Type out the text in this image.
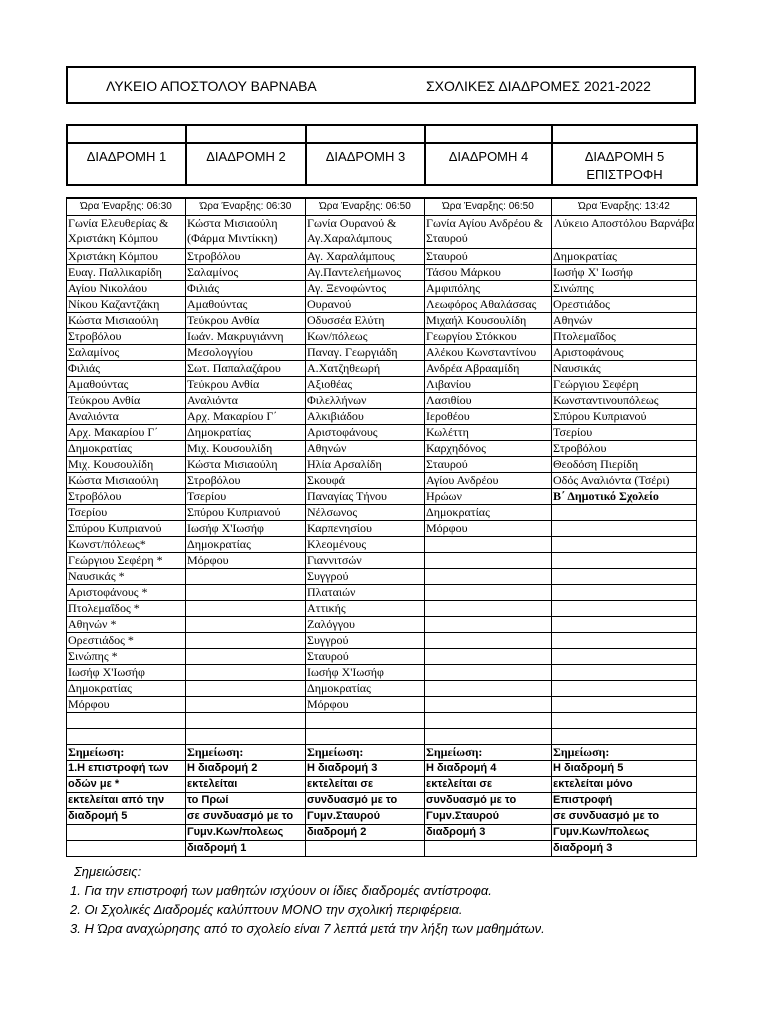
ΛΥΚΕΙΟ ΑΠΟΣΤΟΛΟΥ ΒΑΡΝΑΒΑ	ΣΧΟΛΙΚΕΣ ΔΙΑΔΡΟΜΕΣ 2021-2022

ΔΙΑΔΡΟΜΗ 1	ΔΙΑΔΡΟΜΗ 2	ΔΙΑΔΡΟΜΗ 3	ΔΙΑΔΡΟΜΗ 4	ΔΙΑΔΡΟΜΗ 5
ΕΠΙΣΤΡΟΦΗ
Ώρα Έναρξης: 06:30	Ώρα Έναρξης: 06:30	Ώρα Έναρξης: 06:50	Ώρα Έναρξης: 06:50	Ώρα Έναρξης: 13:42
Γωνία Ελευθερίας & Χριστάκη Κόμπου	Κώστα Μισιαούλη (Φάρμα Μιντίκκη)	Γωνία Ουρανού & Αγ.Χαραλάμπους	Γωνία Αγίου Ανδρέου & Σταυρού	Λύκειο Αποστόλου Βαρνάβα
Χριστάκη Κόμπου	Στροβόλου	Αγ. Χαραλάμπους	Σταυρού	Δημοκρατίας
Ευαγ. Παλλικαρίδη	Σαλαμίνος	Αγ.Παντελεήμωνος	Τάσου Μάρκου	Ιωσήφ Χ' Ιωσήφ
Αγίου Νικολάου	Φιλιάς	Αγ. Ξενοφώντος	Αμφιπόλης	Σινώπης
Νίκου Καζαντζάκη	Αμαθούντας	Ουρανού	Λεωφόρος Αθαλάσσας	Ορεστιάδος
Κώστα Μισιαούλη	Τεύκρου Ανθία	Οδυσσέα Ελύτη	Μιχαήλ Κουσουλίδη	Αθηνών
Στροβόλου	Ιωάν. Μακρυγιάννη	Κων/πόλεως	Γεωργίου Στόκκου	Πτολεμαΐδος
Σαλαμίνος	Μεσολογγίου	Παναγ. Γεωργιάδη	Αλέκου Κωνσταντίνου	Αριστοφάνους
Φιλιάς	Σωτ. Παπαλαζάρου	Α.Χατζηθεωρή	Ανδρέα Αβρααμίδη	Ναυσικάς
Αμαθούντας	Τεύκρου Ανθία	Αξιοθέας	Λιβανίου	Γεώργιου Σεφέρη
Τεύκρου Ανθία	Αναλιόντα	Φιλελλήνων	Λασιθίου	Κωνσταντινουπόλεως
Αναλιόντα	Αρχ. Μακαρίου Γ΄	Αλκιβιάδου	Ιεροθέου	Σπύρου Κυπριανού
Αρχ. Μακαρίου Γ΄	Δημοκρατίας	Αριστοφάνους	Κωλέττη	Τσερίου
Δημοκρατίας	Μιχ. Κουσουλίδη	Αθηνών	Καρχηδόνος	Στροβόλου
Μιχ. Κουσουλίδη	Κώστα Μισιαούλη	Ηλία Αρσαλίδη	Σταυρού	Θεοδόση Πιερίδη
Κώστα Μισιαούλη	Στροβόλου	Σκουφά	Αγίου Ανδρέου	Οδός Αναλιόντα (Τσέρι)
Στροβόλου	Τσερίου	Παναγίας Τήνου	Ηρώων	Β΄ Δημοτικό Σχολείο
Τσερίου	Σπύρου Κυπριανού	Νέλσωνος	Δημοκρατίας	
Σπύρου Κυπριανού	Ιωσήφ Χ'Ιωσήφ	Καρπενησίου	Μόρφου	
Κωνστ/πόλεως*	Δημοκρατίας	Κλεομένους		
Γεώργιου Σεφέρη *	Μόρφου	Γιαννιτσών		
Ναυσικάς *		Συγγρού		
Αριστοφάνους *		Πλαταιών		
Πτολεμαΐδος *		Αττικής		
Αθηνών *		Ζαλόγγου		
Ορεστιάδος *		Συγγρού		
Σινώπης *		Σταυρού		
Ιωσήφ Χ'Ιωσήφ		Ιωσήφ Χ'Ιωσήφ		
Δημοκρατίας		Δημοκρατίας		
Μόρφου		Μόρφου		

Σημείωση:	Σημείωση:	Σημείωση:	Σημείωση:	Σημείωση:
1.Η επιστροφή των	Η διαδρομή 2	Η διαδρομή 3	Η διαδρομή 4	Η διαδρομή 5
οδών με *	εκτελείται	εκτελείται σε	εκτελείται σε	εκτελείται μόνο
εκτελείται από την	το Πρωί	συνδυασμό με το	συνδυασμό με το	Επιστροφή
διαδρομή 5	σε συνδυασμό με το	Γυμν.Σταυρού	Γυμν.Σταυρού	σε συνδυασμό με το
	Γυμν.Κων/πολεως	διαδρομή 2	διαδρομή 3	Γυμν.Κων/πολεως
	διαδρομή 1			διαδρομή 3
Σημειώσεις:
1. Για την επιστροφή των μαθητών ισχύουν οι ίδιες διαδρομές αντίστροφα.
2. Οι Σχολικές Διαδρομές καλύπτουν ΜΟΝΟ την σχολική περιφέρεια.
3. Η Ώρα αναχώρησης από το σχολείο είναι 7 λεπτά μετά την λήξη των μαθημάτων.
